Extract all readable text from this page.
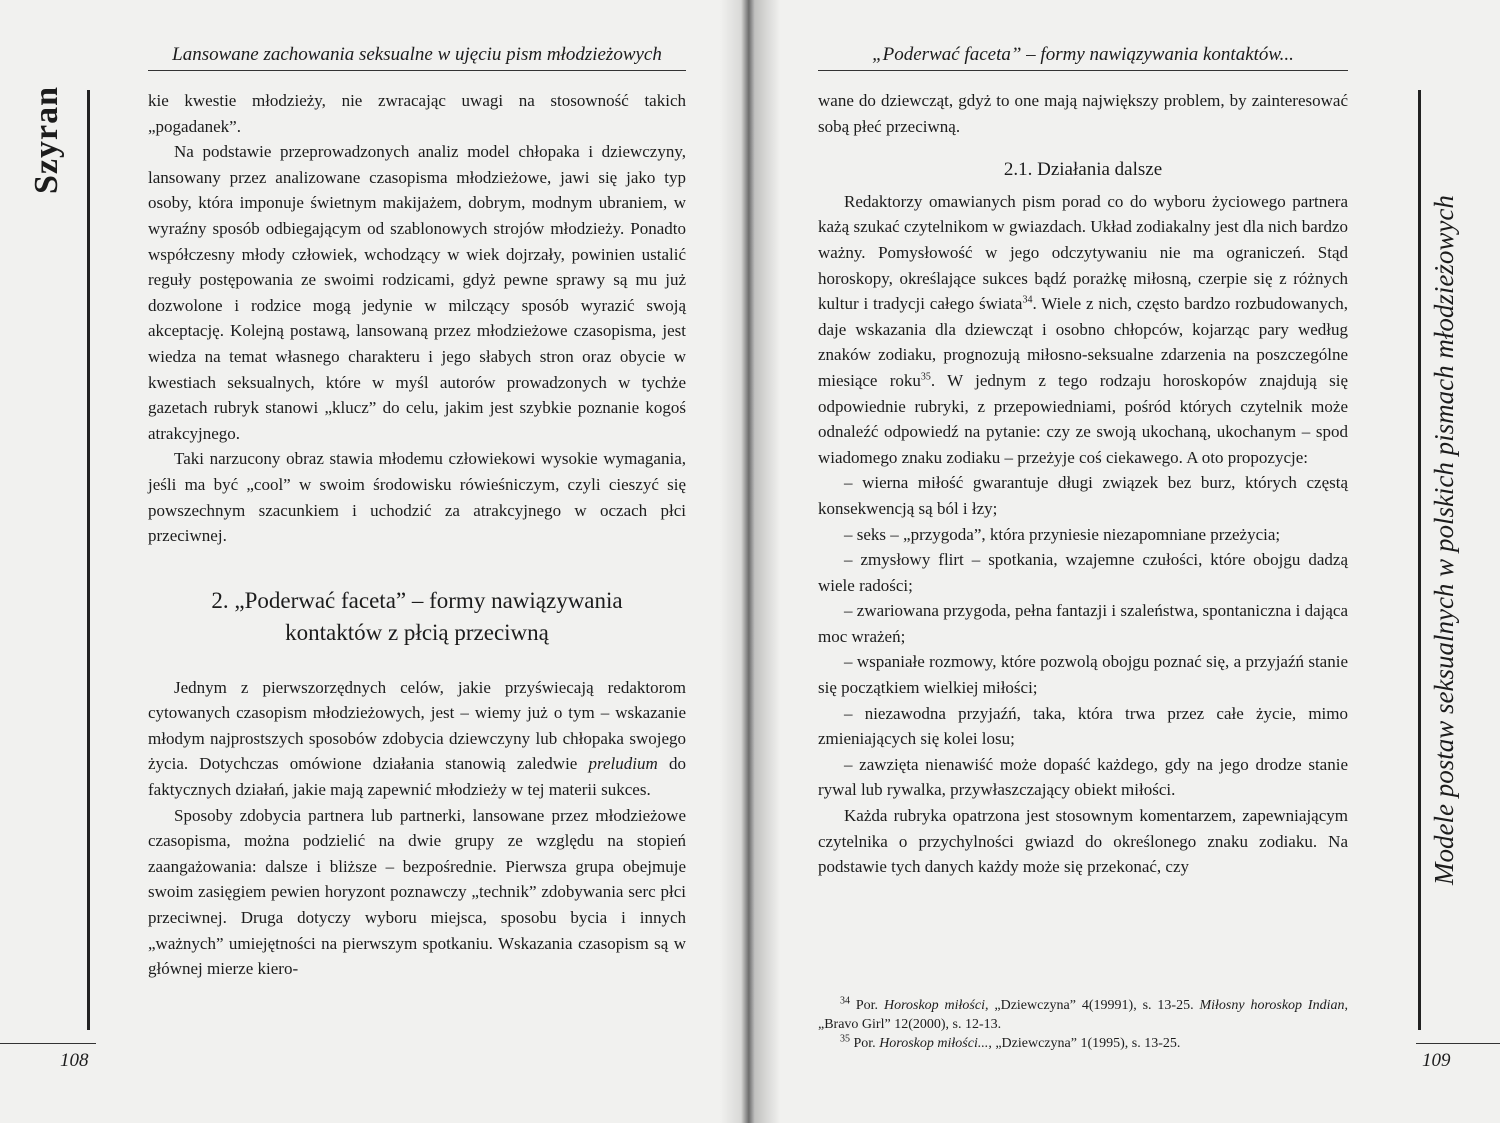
Lansowane zachowania seksualne w ujęciu pism młodzieżowych
Szyran	kie kwestie młodzieży, nie zwracając uwagi na stosowność takich „pogadanek”.

Na podstawie przeprowadzonych analiz model chłopaka i dziewczyny, lansowany przez analizowane czasopisma młodzieżowe, jawi się jako typ osoby, która imponuje świetnym makijażem, dobrym, modnym ubraniem, w wyraźny sposób odbiegającym od szablonowych strojów młodzieży. Ponadto współczesny młody człowiek, wchodzący w wiek dojrzały, powinien ustalić reguły postępowania ze swoimi rodzicami, gdyż pewne sprawy są mu już dozwolone i rodzice mogą jedynie w milczący sposób wyrazić swoją akceptację. Kolejną postawą, lansowaną przez młodzieżowe czasopisma, jest wiedza na temat własnego charakteru i jego słabych stron oraz obycie w kwestiach seksualnych, które w myśl autorów prowadzonych w tychże gazetach rubryk stanowi „klucz” do celu, jakim jest szybkie poznanie kogoś atrakcyjnego.

Taki narzucony obraz stawia młodemu człowiekowi wysokie wymagania, jeśli ma być „cool” w swoim środowisku rówieśniczym, czyli cieszyć się powszechnym szacunkiem i uchodzić za atrakcyjnego w oczach płci przeciwnej.

2. „Poderwać faceta” – formy nawiązywania
kontaktów z płcią przeciwną

Jednym z pierwszorzędnych celów, jakie przyświecają redaktorom cytowanych czasopism młodzieżowych, jest – wiemy już o tym – wskazanie młodym najprostszych sposobów zdobycia dziewczyny lub chłopaka swojego życia. Dotychczas omówione działania stanowią zaledwie preludium do faktycznych działań, jakie mają zapewnić młodzieży w tej materii sukces.

Sposoby zdobycia partnera lub partnerki, lansowane przez młodzieżowe czasopisma, można podzielić na dwie grupy ze względu na stopień zaangażowania: dalsze i bliższe – bezpośrednie. Pierwsza grupa obejmuje swoim zasięgiem pewien horyzont poznawczy „technik” zdobywania serc płci przeciwnej. Druga dotyczy wyboru miejsca, sposobu bycia i innych „ważnych” umiejętności na pierwszym spotkaniu. Wskazania czasopism są w głównej mierze kiero-

108
„Poderwać faceta” – formy nawiązywania kontaktów...
Modele postaw seksualnych w polskich pismach młodzieżowych

wane do dziewcząt, gdyż to one mają największy problem, by zainteresować sobą płeć przeciwną.

2.1. Działania dalsze

Redaktorzy omawianych pism porad co do wyboru życiowego partnera każą szukać czytelnikom w gwiazdach. Układ zodiakalny jest dla nich bardzo ważny. Pomysłowość w jego odczytywaniu nie ma ograniczeń. Stąd horoskopy, określające sukces bądź porażkę miłosną, czerpie się z różnych kultur i tradycji całego świata$^{34}$. Wiele z nich, często bardzo rozbudowanych, daje wskazania dla dziewcząt i osobno chłopców, kojarząc pary według znaków zodiaku, prognozują miłosno-seksualne zdarzenia na poszczególne miesiące roku$^{35}$. W jednym z tego rodzaju horoskopów znajdują się odpowiednie rubryki, z przepowiedniami, pośród których czytelnik może odnaleźć odpowiedź na pytanie: czy ze swoją ukochaną, ukochanym – spod wiadomego znaku zodiaku – przeżyje coś ciekawego. A oto propozycje:

– wierna miłość gwarantuje długi związek bez burz, których częstą konsekwencją są ból i łzy;

– seks – „przygoda”, która przyniesie niezapomniane przeżycia;

– zmysłowy flirt – spotkania, wzajemne czułości, które obojgu dadzą wiele radości;

– zwariowana przygoda, pełna fantazji i szaleństwa, spontaniczna i dająca moc wrażeń;

– wspaniałe rozmowy, które pozwolą obojgu poznać się, a przyjaźń stanie się początkiem wielkiej miłości;

– niezawodna przyjaźń, taka, która trwa przez całe życie, mimo zmieniających się kolei losu;

– zawzięta nienawiść może dopaść każdego, gdy na jego drodze stanie rywal lub rywalka, przywłaszczający obiekt miłości.

Każda rubryka opatrzona jest stosownym komentarzem, zapewniającym czytelnika o przychylności gwiazd do określonego znaku zodiaku. Na podstawie tych danych każdy może się przekonać, czy

$^{34}$ Por. Horoskop miłości, „Dziewczyna” 4(19991), s. 13-25. Miłosny horoskop Indian, „Bravo Girl” 12(2000), s. 12-13.

$^{35}$ Por. Horoskop miłości..., „Dziewczyna” 1(1995), s. 13-25.

109
